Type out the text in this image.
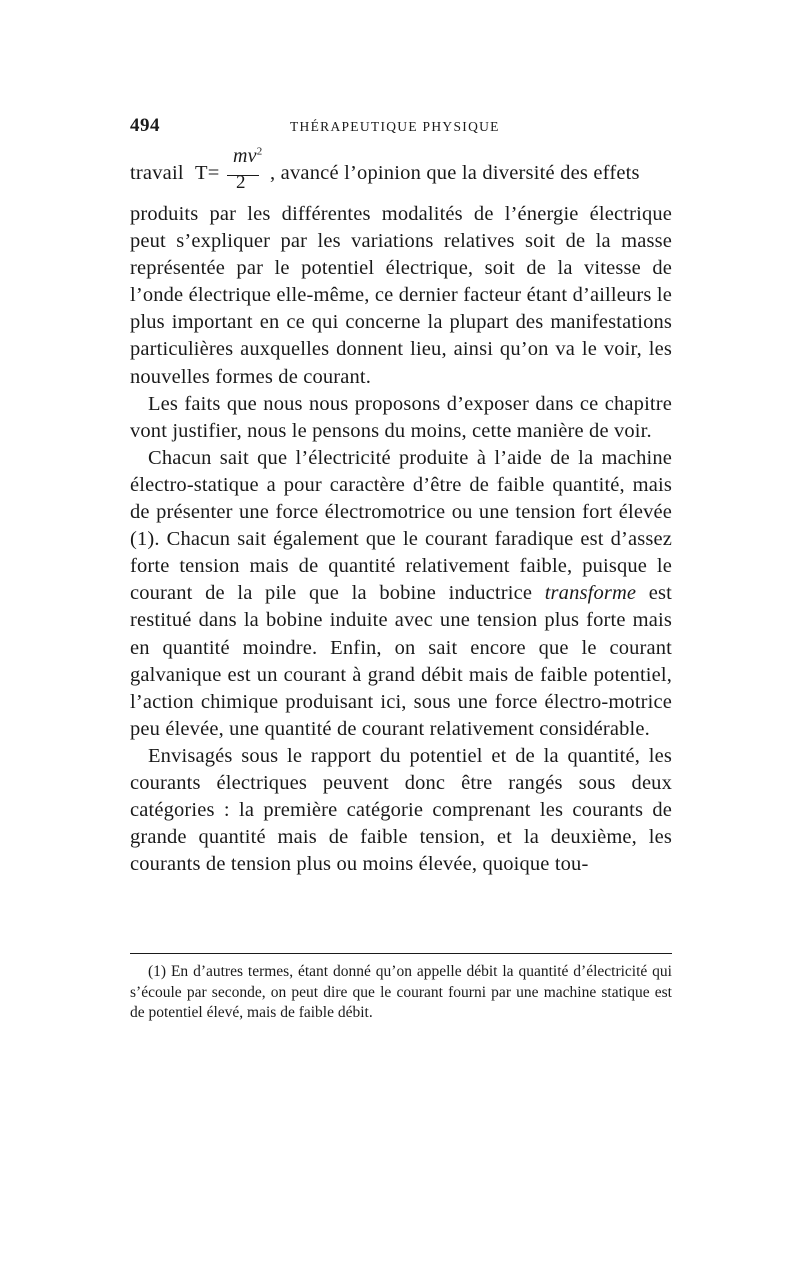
494	THÉRAPEUTIQUE PHYSIQUE
travail T=
$mv^2$
2 , avancé l’opinion que la diversité des effets

produits par les différentes modalités de l’énergie électrique peut s’expliquer par les variations relatives soit de la masse représentée par le potentiel électrique, soit de la vitesse de l’onde électrique elle-même, ce dernier facteur étant d’ailleurs le plus important en ce qui concerne la plupart des manifestations particulières auxquelles donnent lieu, ainsi qu’on va le voir, les nouvelles formes de courant.

Les faits que nous nous proposons d’exposer dans ce chapitre vont justifier, nous le pensons du moins, cette manière de voir.

Chacun sait que l’électricité produite à l’aide de la machine électro-statique a pour caractère d’être de faible quantité, mais de présenter une force électromotrice ou une tension fort élevée (1). Chacun sait également que le courant faradique est d’assez forte tension mais de quantité relativement faible, puisque le courant de la pile que la bobine inductrice transforme est restitué dans la bobine induite avec une tension plus forte mais en quantité moindre. Enfin, on sait encore que le courant galvanique est un courant à grand débit mais de faible potentiel, l’action chimique produisant ici, sous une force électro-motrice peu élevée, une quantité de courant relativement considérable.

Envisagés sous le rapport du potentiel et de la quantité, les courants électriques peuvent donc être rangés sous deux catégories : la première catégorie comprenant les courants de grande quantité mais de faible tension, et la deuxième, les courants de tension plus ou moins élevée, quoique tou-

(1) En d’autres termes, étant donné qu’on appelle débit la quantité d’électricité qui s’écoule par seconde, on peut dire que le courant fourni par une machine statique est de potentiel élevé, mais de faible débit.
